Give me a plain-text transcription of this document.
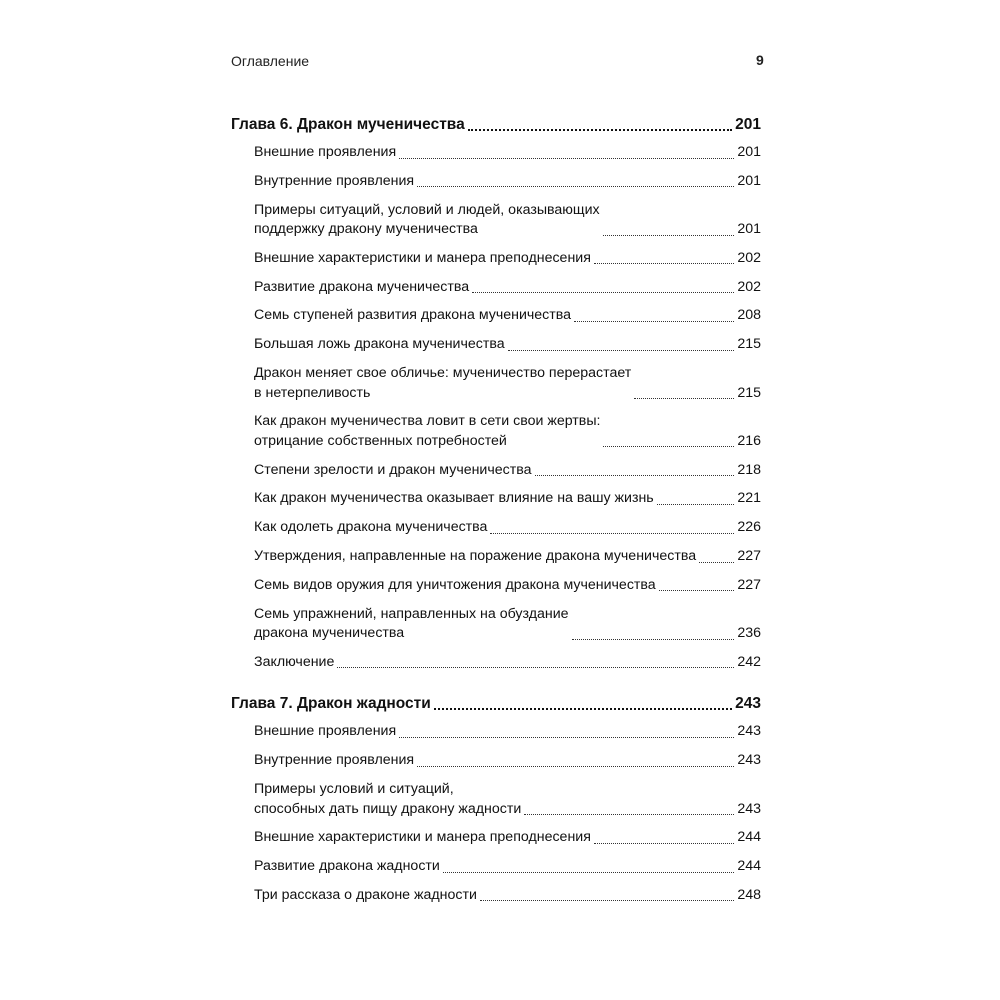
Оглавление	9
Глава 6. Дракон мученичества	201
Внешние проявления	201
Внутренние проявления	201
Примеры ситуаций, условий и людей, оказывающих
поддержку дракону мученичества	201
Внешние характеристики и манера преподнесения	202
Развитие дракона мученичества	202
Семь ступеней развития дракона мученичества	208
Большая ложь дракона мученичества	215
Дракон меняет свое обличье: мученичество перерастает
в нетерпеливость	215
Как дракон мученичества ловит в сети свои жертвы:
отрицание собственных потребностей	216
Степени зрелости и дракон мученичества	218
Как дракон мученичества оказывает влияние на вашу жизнь	221
Как одолеть дракона мученичества	226
Утверждения, направленные на поражение дракона мученичества	227
Семь видов оружия для уничтожения дракона мученичества	227
Семь упражнений, направленных на обуздание
дракона мученичества	236
Заключение	242
Глава 7. Дракон жадности	243
Внешние проявления	243
Внутренние проявления	243
Примеры условий и ситуаций,
способных дать пищу дракону жадности	243
Внешние характеристики и манера преподнесения	244
Развитие дракона жадности	244
Три рассказа о драконе жадности	248
